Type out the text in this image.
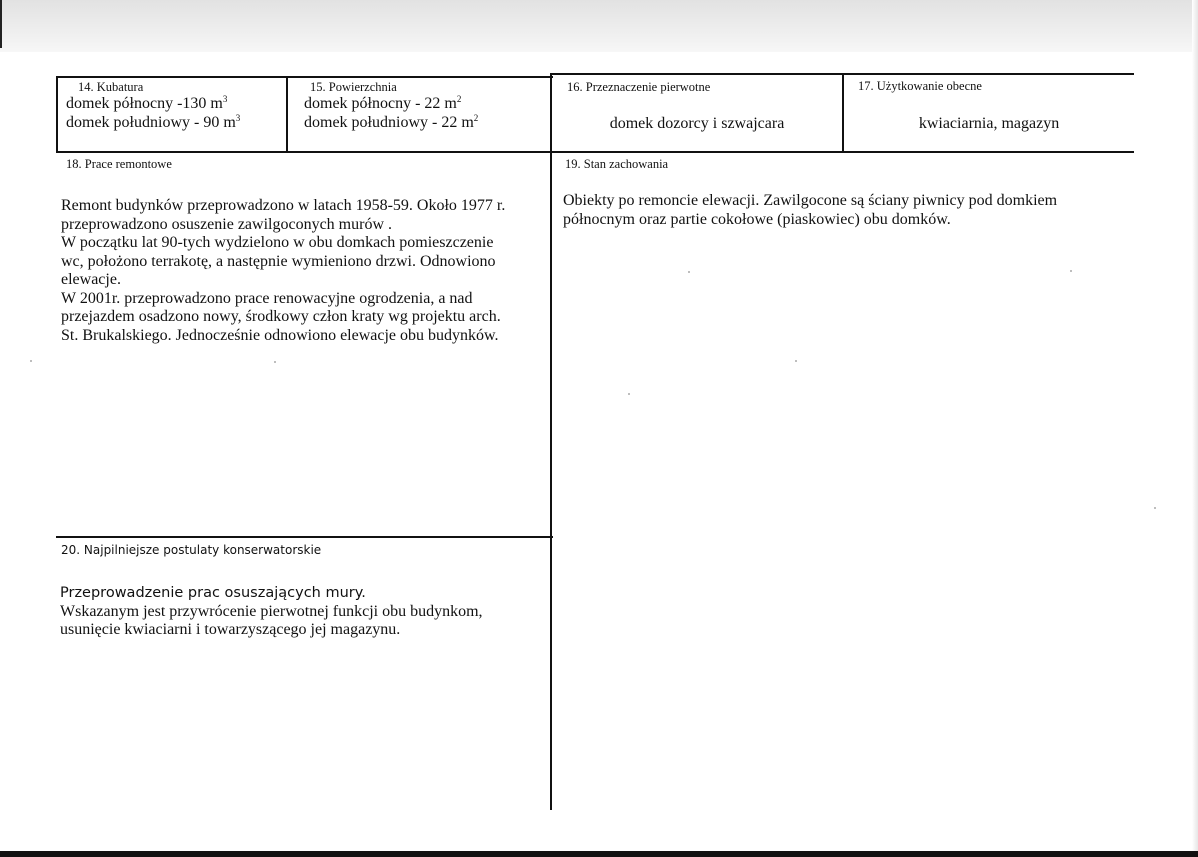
14. Kubatura
domek północny -130 $m^3$
domek południowy - 90 $m^3$
15. Powierzchnia
domek północny - 22 $m^2$
domek południowy - 22 $m^2$
16. Przeznaczenie pierwotne
domek dozorcy i szwajcara
17. Użytkowanie obecne
kwiaciarnia, magazyn
18. Prace remontowe
Remont budynków przeprowadzono w latach 1958-59. Około 1977 r.
przeprowadzono osuszenie zawilgoconych murów .
W początku lat 90-tych wydzielono w obu domkach pomieszczenie
wc, położono terrakotę, a następnie wymieniono drzwi. Odnowiono
elewacje.
W 2001r. przeprowadzono prace renowacyjne ogrodzenia, a nad
przejazdem osadzono nowy, środkowy człon kraty wg projektu arch.
St. Brukalskiego. Jednocześnie odnowiono elewacje obu budynków.
19. Stan zachowania
Obiekty po remoncie elewacji. Zawilgocone są ściany piwnicy pod domkiem
północnym oraz partie cokołowe (piaskowiec) obu domków.
20. Najpilniejsze postulaty konserwatorskie
Przeprowadzenie prac osuszających mury.
Wskazanym jest przywrócenie pierwotnej funkcji obu budynkom,
usunięcie kwiaciarni i towarzyszącego jej magazynu.
